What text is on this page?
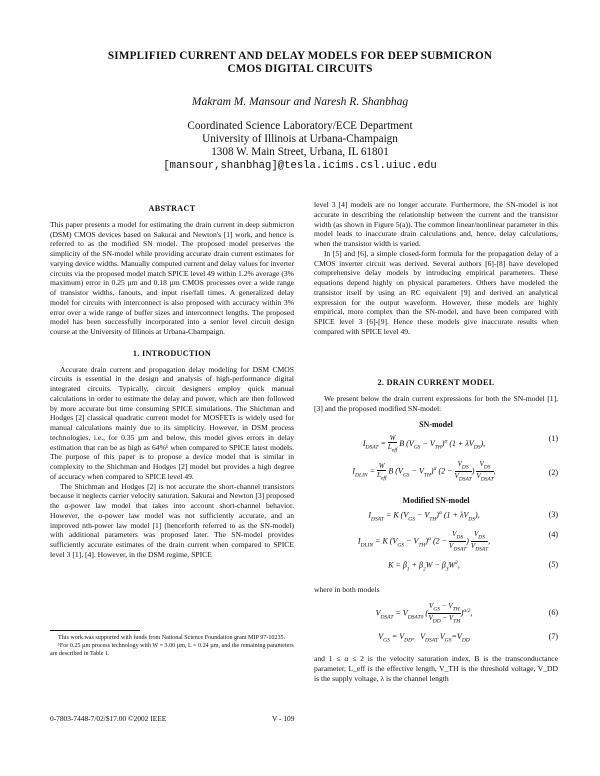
SIMPLIFIED CURRENT AND DELAY MODELS FOR DEEP SUBMICRON
CMOS DIGITAL CIRCUITS
Makram M. Mansour and Naresh R. Shanbhag
Coordinated Science Laboratory/ECE Department
University of Illinois at Urbana-Champaign
1308 W. Main Street, Urbana, IL 61801
[mansour,shanbhag]@tesla.icims.csl.uiuc.edu
ABSTRACT

This paper presents a model for estimating the drain current in deep submicron (DSM) CMOS devices based on Sakurai and Newton's [1] work, and hence is referred to as the modified SN model. The proposed model preserves the simplicity of the SN-model while providing accurate drain current estimates for varying device widths. Manually computed current and delay values for inverter circuits via the proposed model match SPICE level 49 within 1.2% average (3% maximum) error in 0.25 µm and 0.18 µm CMOS processes over a wide range of transistor widths, fanouts, and input rise/fall times. A generalized delay model for circuits with interconnect is also proposed with accuracy within 3% error over a wide range of buffer sizes and interconnect lengths. The proposed model has been successfully incorporated into a senior level circuit design course at the University of Illinois at Urbana-Champaign.

1. INTRODUCTION

Accurate drain current and propagation delay modeling for DSM CMOS circuits is essential in the design and analysis of high-performance digital integrated circuits. Typically, circuit designers employ quick manual calculations in order to estimate the delay and power, which are then followed by more accurate but time consuming SPICE simulations. The Shichman and Hodges [2] classical quadratic current model for MOSFETs is widely used for manual calculations mainly due to its simplicity. However, in DSM process technologies, i.e., for 0.35 µm and below, this model gives errors in delay estimation that can be as high as 64%¹ when compared to SPICE latest models. The purpose of this paper is to propose a device model that is similar in complexity to the Shichman and Hodges [2] model but provides a high degree of accuracy when compared to SPICE level 49.

The Shichman and Hodges [2] is not accurate the short-channel transistors because it neglects carrier velocity saturation. Sakurai and Newton [3] proposed the α-power law model that takes into account short-channel behavior. However, the α-power law model was not sufficiently accurate, and an improved nth-power law model [1] (henceforth referred to as the SN-model) with additional parameters was proposed later. The SN-model provides sufficiently accurate estimates of the drain current when compared to SPICE level 3 [1], [4]. However, in the DSM regime, SPICE

This work was supported with funds from National Science Foundation grant MIP 97-10235.

¹For 0.25 µm process technology with W = 3.00 µm, L = 0.24 µm, and the remaining parameters are described in Table 1.

level 3 [4] models are no longer accurate. Furthermore, the SN-model is not accurate in describing the relationship between the current and the transistor width (as shown in Figure 5(a)). The common linear/nonlinear parameter in this model leads to inaccurate drain calculations and, hence, delay calculations, when the transistor width is varied.

In [5] and [6], a simple closed-form formula for the propagation delay of a CMOS inverter circuit was derived. Several authors [6]-[8] have developed comprehensive delay models by introducing empirical parameters. These equations depend highly on physical parameters. Others have modeled the transistor itself by using an RC equivalent [9] and derived an analytical expression for the output waveform. However, these models are highly empirical, more complex than the SN-model, and have been compared with SPICE level 3 [6]-[9]. Hence these models give inaccurate results when compared with SPICE level 49.

2. DRAIN CURRENT MODEL

We present below the drain current expressions for both the SN-model [1], [3] and the proposed modified SN-model:

SN-model
$I_{DSAT} = \frac{W}{L_{eff}}$ B $(V_{GS} - V_{TH})^\alpha$ $(1 + \lambda V_{DS})$,
(1)
$I_{DLIN} = \frac{W}{L_{eff}}$ B $(V_{GS} - V_{TH})^\alpha$ ($2 - \frac{V_{DS}}{V_{DSAT}}$ ) $\frac{V_{DS}}{V_{DSAT}}$ ,	(2)
Modified SN-model
$I_{DSAT} = K$ $(V_{GS} - V_{TH})^\alpha$ $(1 + \lambda V_{DS})$,	(3)
$I_{DLIN} = K$ $(V_{GS} - V_{TH})^\alpha$ ($2 - \frac{V_{DS}}{V_{DSAT}}$ ) $\frac{V_{DS}}{V_{DSAT}}$ ,
(4)
$K = \beta_1 + \beta_2W - \beta_3W^2$,	(5)
where in both models
$V_{DSAT} = V_{DSAT0}$ ( $\frac{V_{GS} - V_{TH}}{V_{DD} - V_{TH}} )^{\alpha/2}$,	(6)
$V_{GS} = V_{DD}$,   $V_{DSAT}$ $V_{GS}=V_{DD}$	(7)

and 1 ≤ α ≤ 2 is the velocity saturation index, B is the transconductance parameter, L_eff is the effective length, V_TH is the threshold voltage, V_DD is the supply voltage, λ is the channel length

0-7803-7448-7/02/$17.00 ©2002 IEEE	V - 109
